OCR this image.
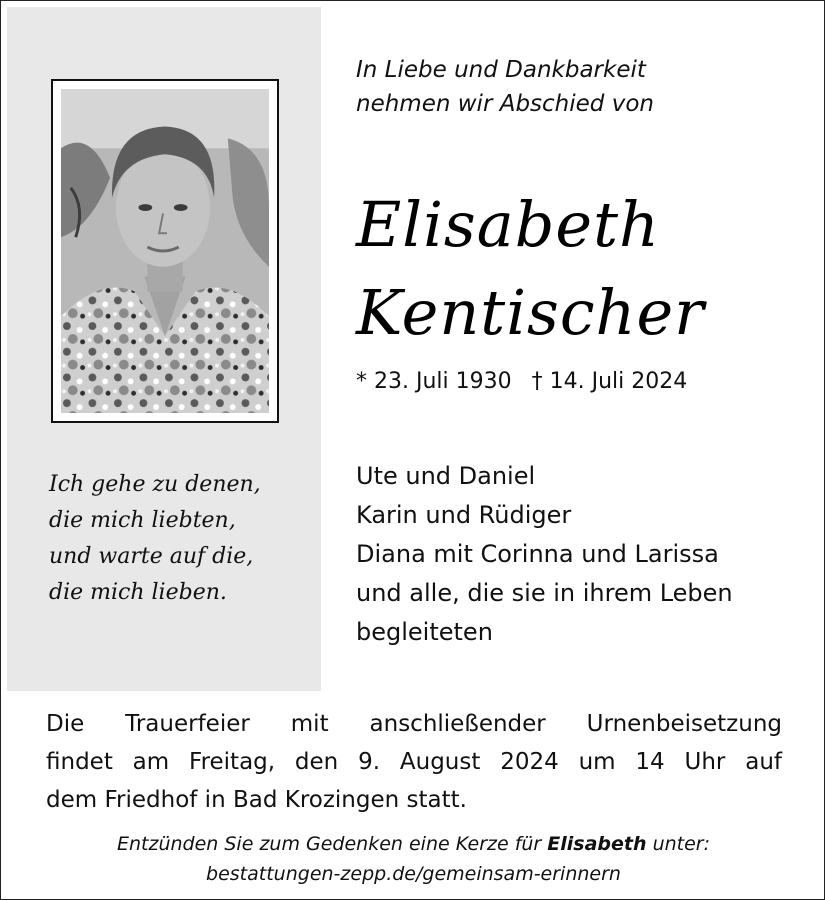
Ich gehe zu denen,
die mich liebten,
und warte auf die,
die mich lieben.
In Liebe und Dankbarkeit
nehmen wir Abschied von
Elisabeth
Kentischer
* 23. Juli 1930 † 14. Juli 2024
Ute und Daniel
Karin und Rüdiger
Diana mit Corinna und Larissa
und alle, die sie in ihrem Leben
begleiteten
Die Trauerfeier mit anschließender Urnenbeisetzung
findet am Freitag, den 9. August 2024 um 14 Uhr auf
dem Friedhof in Bad Krozingen statt.
Entzünden Sie zum Gedenken eine Kerze für Elisabeth unter:
bestattungen-zepp.de/gemeinsam-erinnern
